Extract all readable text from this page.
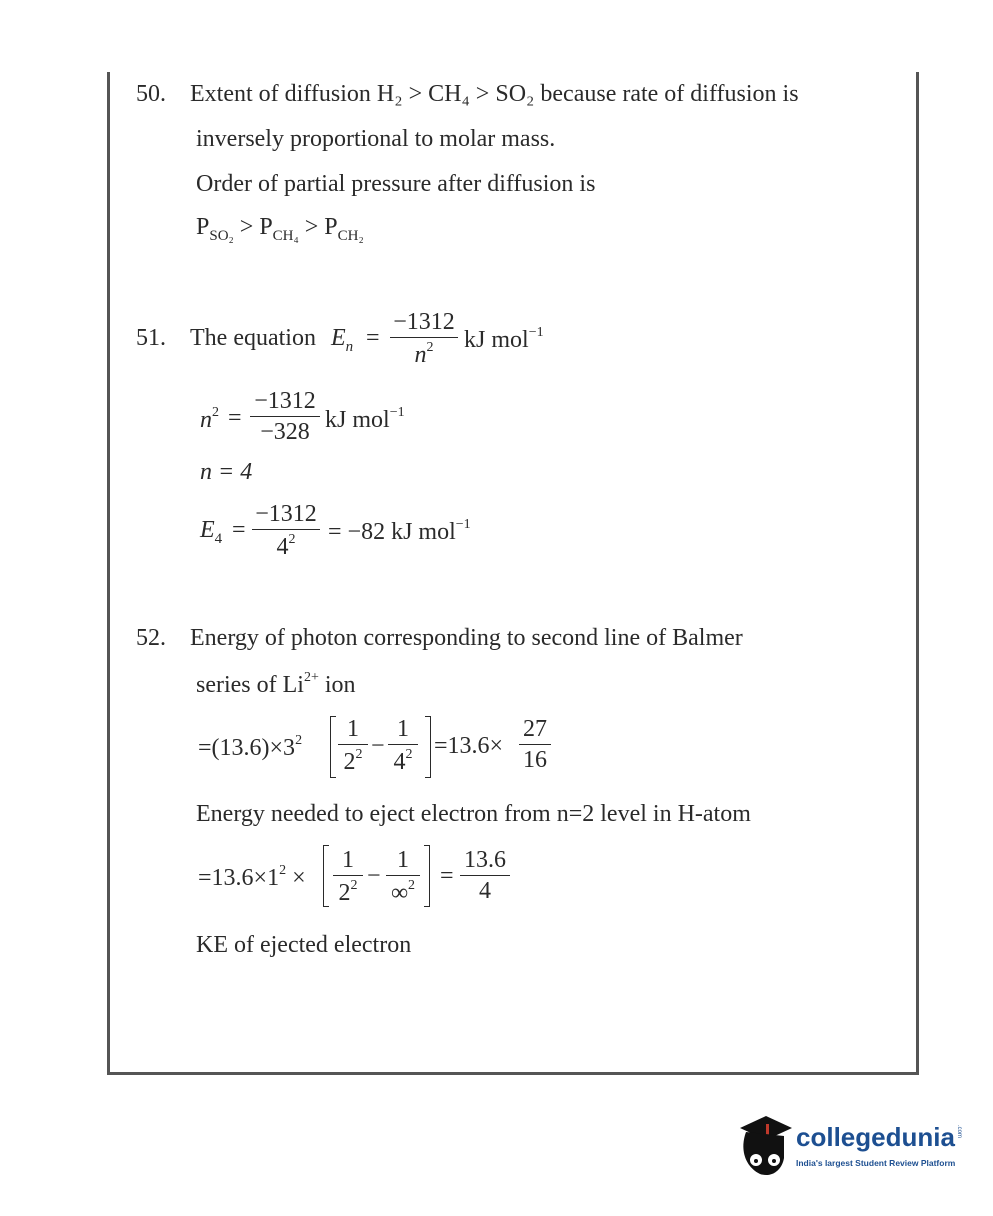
50. Extent of diffusion H₂ > CH₄ > SO₂ because rate of diffusion is
inversely proportional to molar mass.
Order of partial pressure after diffusion is
$P_{SO_2} > P_{CH_4} > P_{CH_2}$
51. The equation $E_n$ =
−1312
$n^2$	kJ mol$^{-1}$
$n^2$ =
−1312
−328 kJ mol$^{-1}$
n = 4
$E_4$ =
−1312
$4^2$	= −82 kJ mol$^{-1}$
52. Energy of photon corresponding to second line of Balmer
series of $Li^{2+}$ ion
$=(13.6)\times 3^2$	1
$2^2$ −
1
$4^2 =13.6\times$
27
16
Energy needed to eject electron from n=2 level in H-atom
$=13.6\times 1^2$ ×
1
$2^2$ −
1
∞$^2$ =
13.6
4
KE of ejected electron
collegedunia .com
India's largest Student Review Platform
